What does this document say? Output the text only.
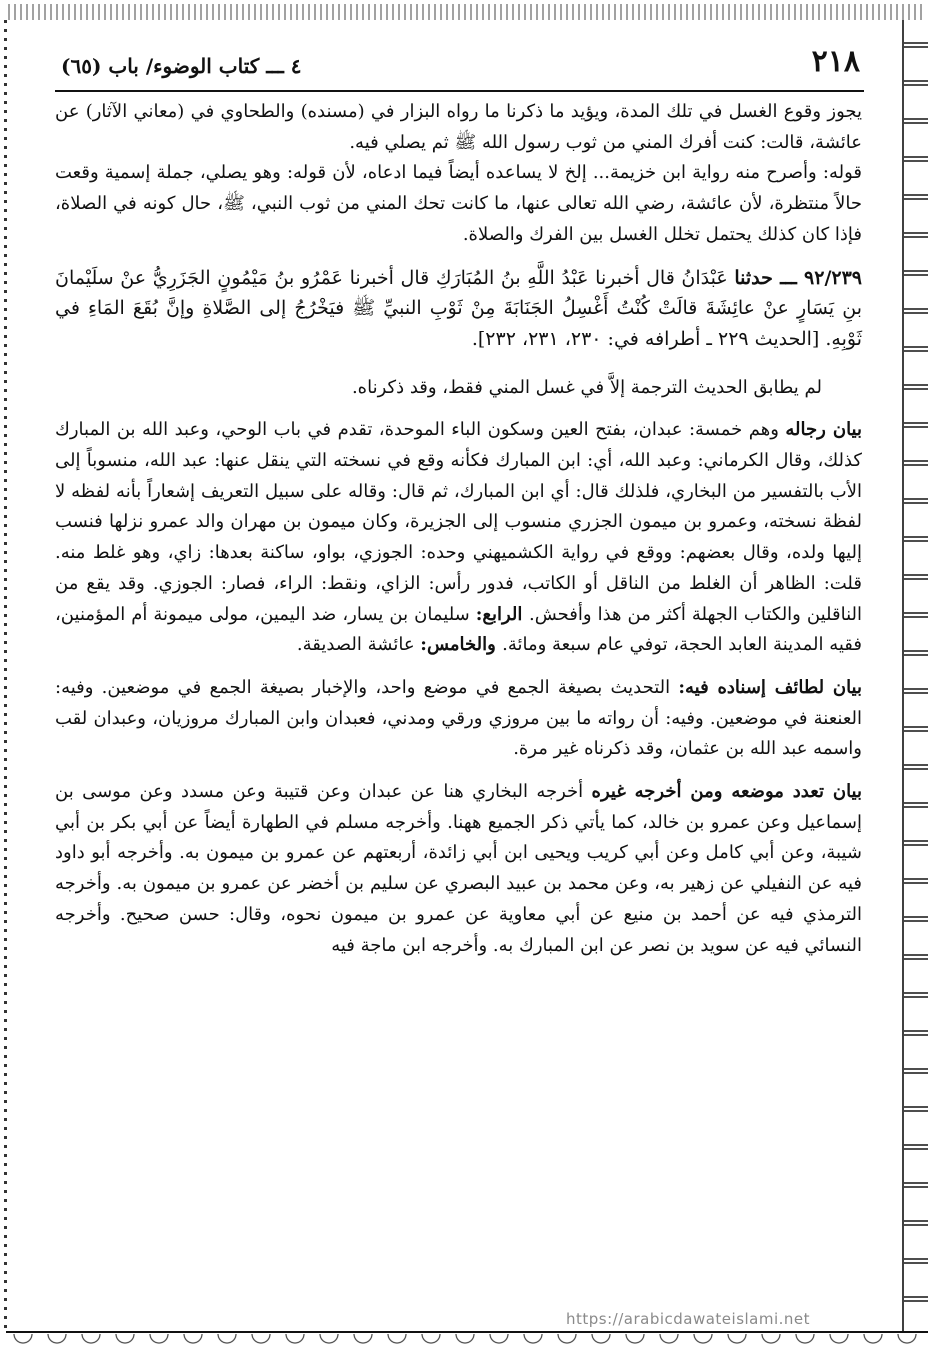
٢١٨
٤ ـــ كتاب الوضوء/ باب (٦٥)

يجوز وقوع الغسل في تلك المدة، ويؤيد ما ذكرنا ما رواه البزار في (مسنده) والطحاوي في (معاني الآثار) عن عائشة، قالت: كنت أفرك المني من ثوب رسول الله ﷺ ثم يصلي فيه.

قوله: وأصرح منه رواية ابن خزيمة... إلخ لا يساعده أيضاً فيما ادعاه، لأن قوله: وهو يصلي، جملة إسمية وقعت حالاً منتظرة، لأن عائشة، رضي الله تعالى عنها، ما كانت تحك المني من ثوب النبي، ﷺ، حال كونه في الصلاة، فإذا كان كذلك يحتمل تخلل الغسل بين الفرك والصلاة.

٩٢/٢٣٩ ـــ حدثنا عَبْدَانُ قال أخبرنا عَبْدُ اللَّهِ بنُ المُبَارَكِ قال أخبرنا عَمْرُو بنُ مَيْمُونٍ الجَزَرِيُّ عنْ سلَيْمانَ بنِ يَسَارٍ عنْ عائِشَةَ قالَتْ كُنْتُ أَغْسِلُ الجَنَابَةَ مِنْ ثَوْبِ النبيِّ ﷺ فيَخْرُجُ إلى الصَّلاةِ وإنَّ بُقَعَ المَاءِ في ثَوْبِهِ. [الحديث ٢٢٩ ـ أطرافه في: ٢٣٠، ٢٣١، ٢٣٢].

لم يطابق الحديث الترجمة إلاَّ في غسل المني فقط، وقد ذكرناه.

بيان رجاله وهم خمسة: عبدان، بفتح العين وسكون الباء الموحدة، تقدم في باب الوحي، وعبد الله بن المبارك كذلك، وقال الكرماني: وعبد الله، أي: ابن المبارك فكأنه وقع في نسخته التي ينقل عنها: عبد الله، منسوباً إلى الأب بالتفسير من البخاري، فلذلك قال: أي ابن المبارك، ثم قال: وقاله على سبيل التعريف إشعاراً بأنه لفظه لا لفظة نسخته، وعمرو بن ميمون الجزري منسوب إلى الجزيرة، وكان ميمون بن مهران والد عمرو نزلها فنسب إليها ولده، وقال بعضهم: ووقع في رواية الكشميهني وحده: الجوزي، بواو، ساكنة بعدها: زاي، وهو غلط منه. قلت: الظاهر أن الغلط من الناقل أو الكاتب، فدور رأس: الزاي، ونقط: الراء، فصار: الجوزي. وقد يقع من الناقلين والكتاب الجهلة أكثر من هذا وأفحش. الرابع: سليمان بن يسار، ضد اليمين، مولى ميمونة أم المؤمنين، فقيه المدينة العابد الحجة، توفي عام سبعة ومائة. والخامس: عائشة الصديقة.

بيان لطائف إسناده فيه: التحديث بصيغة الجمع في موضع واحد، والإخبار بصيغة الجمع في موضعين. وفيه: العنعنة في موضعين. وفيه: أن رواته ما بين مروزي ورقي ومدني، فعبدان وابن المبارك مروزيان، وعبدان لقب واسمه عبد الله بن عثمان، وقد ذكرناه غير مرة.

بيان تعدد موضعه ومن أخرجه غيره أخرجه البخاري هنا عن عبدان وعن قتيبة وعن مسدد وعن موسى بن إسماعيل وعن عمرو بن خالد، كما يأتي ذكر الجميع ههنا. وأخرجه مسلم في الطهارة أيضاً عن أبي بكر بن أبي شيبة، وعن أبي كامل وعن أبي كريب ويحيى ابن أبي زائدة، أربعتهم عن عمرو بن ميمون به. وأخرجه أبو داود فيه عن النفيلي عن زهير به، وعن محمد بن عبيد البصري عن سليم بن أخضر عن عمرو بن ميمون به. وأخرجه الترمذي فيه عن أحمد بن منيع عن أبي معاوية عن عمرو بن ميمون نحوه، وقال: حسن صحيح. وأخرجه النسائي فيه عن سويد بن نصر عن ابن المبارك به. وأخرجه ابن ماجة فيه

https://arabicdawateislami.net
